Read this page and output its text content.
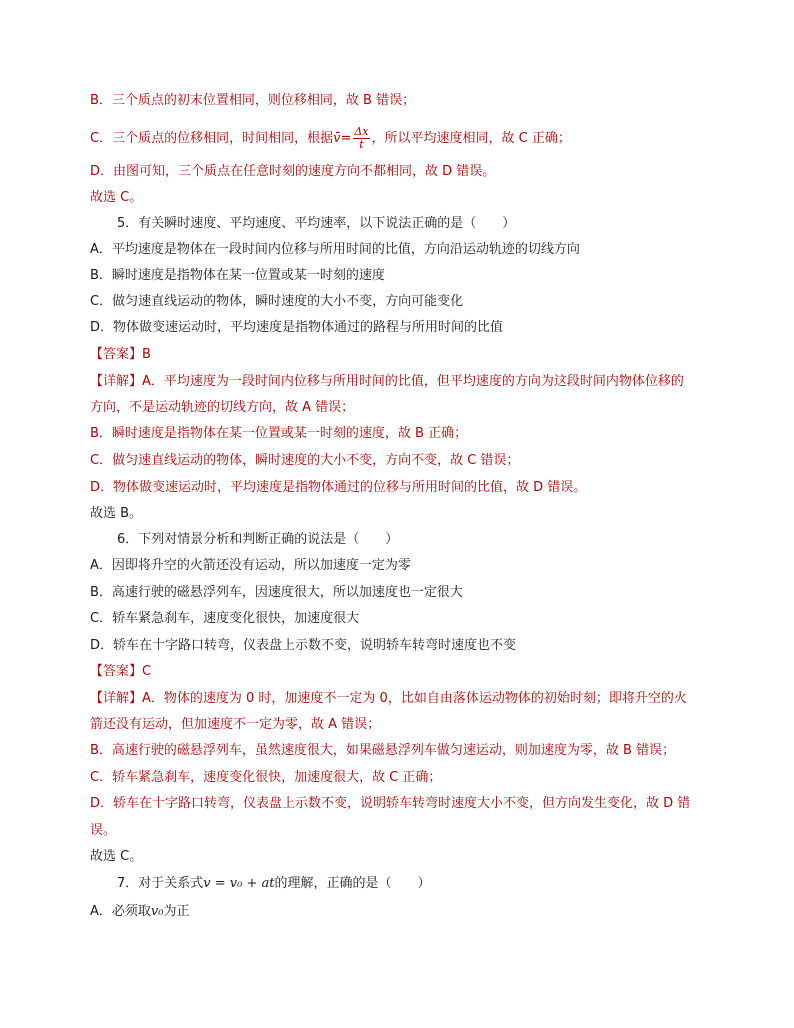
B．三个质点的初末位置相同，则位移相同，故 B 错误；
C．三个质点的位移相同，时间相同，根据v̄= $\frac{\Delta x}{t}$ ，所以平均速度相同，故 C 正确；
D．由图可知，三个质点在任意时刻的速度方向不都相同，故 D 错误。
故选 C。
5．有关瞬时速度、平均速度、平均速率，以下说法正确的是（　　）
A．平均速度是物体在一段时间内位移与所用时间的比值，方向沿运动轨迹的切线方向
B．瞬时速度是指物体在某一位置或某一时刻的速度
C．做匀速直线运动的物体，瞬时速度的大小不变，方向可能变化
D．物体做变速运动时，平均速度是指物体通过的路程与所用时间的比值
【答案】B
【详解】A．平均速度为一段时间内位移与所用时间的比值，但平均速度的方向为这段时间内物体位移的
方向，不是运动轨迹的切线方向，故 A 错误；
B．瞬时速度是指物体在某一位置或某一时刻的速度，故 B 正确；
C．做匀速直线运动的物体，瞬时速度的大小不变，方向不变，故 C 错误；
D．物体做变速运动时，平均速度是指物体通过的位移与所用时间的比值，故 D 错误。
故选 B。
6．下列对情景分析和判断正确的说法是（　　）
A．因即将升空的火箭还没有运动，所以加速度一定为零
B．高速行驶的磁悬浮列车，因速度很大，所以加速度也一定很大
C．轿车紧急刹车，速度变化很快，加速度很大
D．轿车在十字路口转弯，仪表盘上示数不变，说明轿车转弯时速度也不变
【答案】C
【详解】A．物体的速度为 0 时，加速度不一定为 0，比如自由落体运动物体的初始时刻；即将升空的火
箭还没有运动，但加速度不一定为零，故 A 错误；
B．高速行驶的磁悬浮列车，虽然速度很大，如果磁悬浮列车做匀速运动，则加速度为零，故 B 错误；
C．轿车紧急刹车，速度变化很快，加速度很大，故 C 正确；
D．轿车在十字路口转弯，仪表盘上示数不变，说明轿车转弯时速度大小不变，但方向发生变化，故 D 错
误。
故选 C。
7．对于关系式v = v₀ + at的理解，正确的是（　　）
A．必须取v₀为正
